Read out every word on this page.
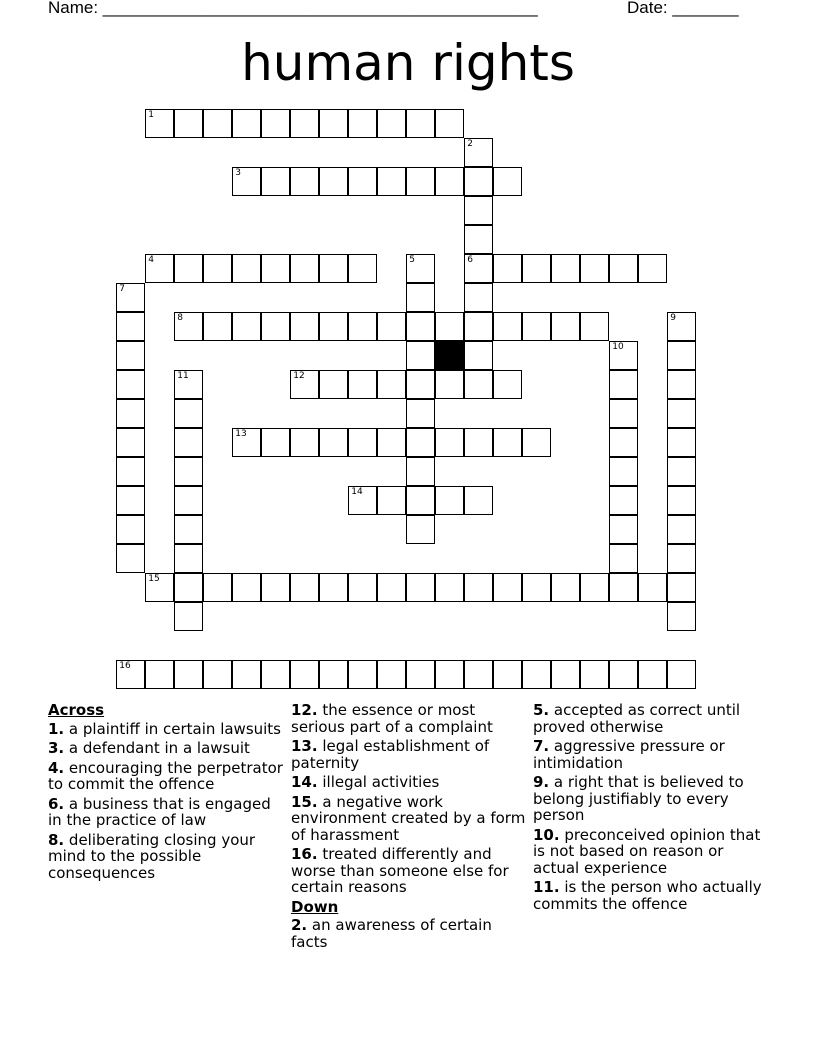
Name: ______________________________________________	Date: _______
human rights
1
2
6
3
4	5
7
8	9
10
11	12
13
14
15
16
Across
1. a plaintiff in certain lawsuits
3. a defendant in a lawsuit
4. encouraging the perpetrator to commit the offence
6. a business that is engaged in the practice of law
8. deliberating closing your mind to the possible consequences
12. the essence or most serious part of a complaint
13. legal establishment of paternity
14. illegal activities
15. a negative work environment created by a form of harassment
16. treated differently and worse than someone else for certain reasons
Down
2. an awareness of certain facts
5. accepted as correct until proved otherwise
7. aggressive pressure or intimidation
9. a right that is believed to belong justifiably to every person
10. preconceived opinion that is not based on reason or actual experience
11. is the person who actually commits the offence
